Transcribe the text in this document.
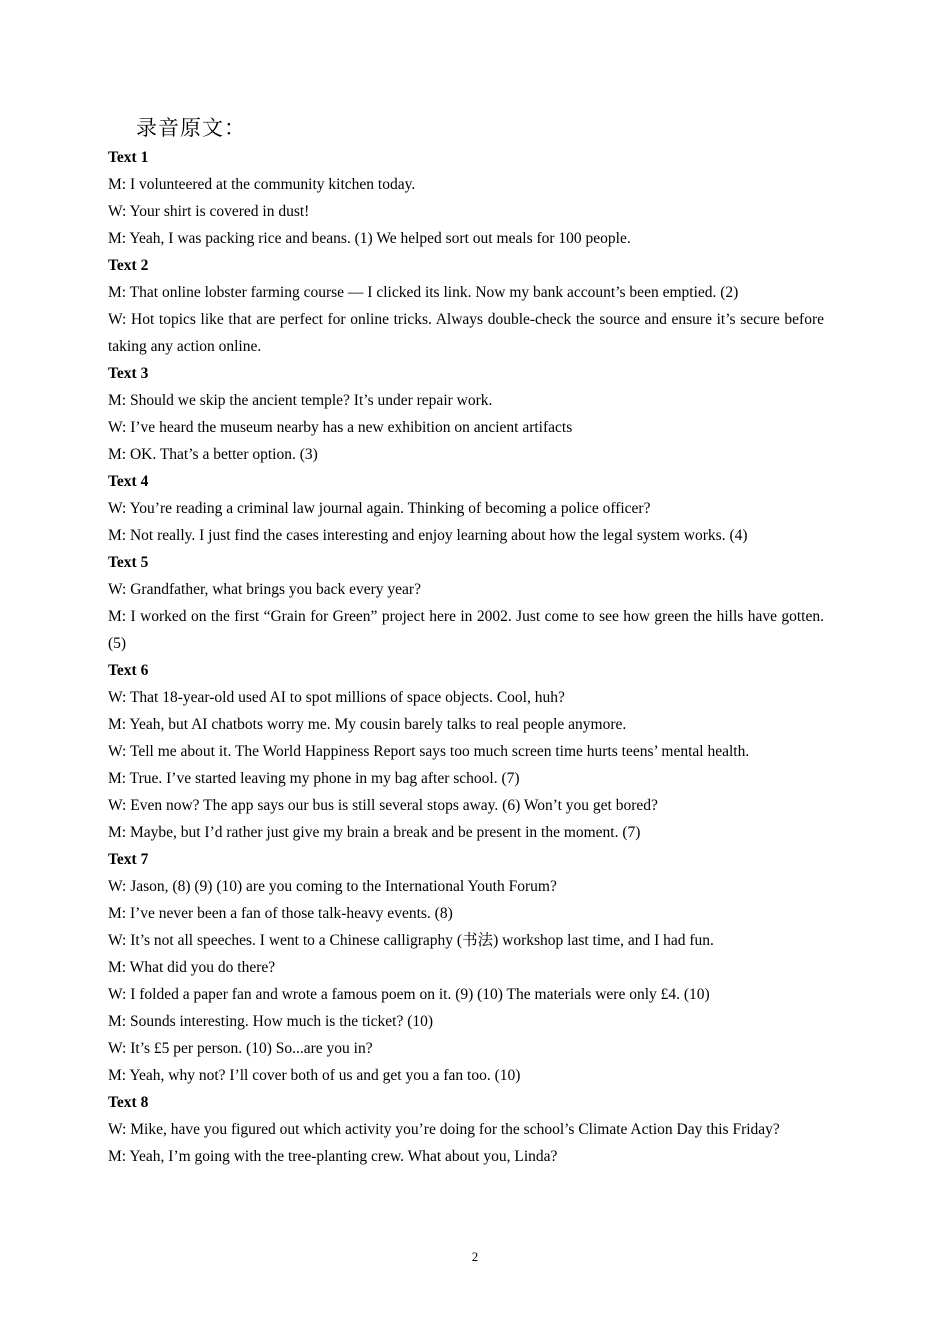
录音原文：
Text 1
M: I volunteered at the community kitchen today.
W: Your shirt is covered in dust!
M: Yeah, I was packing rice and beans. (1) We helped sort out meals for 100 people.
Text 2
M: That online lobster farming course — I clicked its link. Now my bank account’s been emptied. (2)
W: Hot topics like that are perfect for online tricks. Always double-check the source and ensure it’s secure before taking any action online.
Text 3
M: Should we skip the ancient temple? It’s under repair work.
W: I’ve heard the museum nearby has a new exhibition on ancient artifacts
M: OK. That’s a better option. (3)
Text 4
W: You’re reading a criminal law journal again. Thinking of becoming a police officer?
M: Not really. I just find the cases interesting and enjoy learning about how the legal system works. (4)
Text 5
W: Grandfather, what brings you back every year?
M: I worked on the first “Grain for Green” project here in 2002. Just come to see how green the hills have gotten. (5)
Text 6
W: That 18-year-old used AI to spot millions of space objects. Cool, huh?
M: Yeah, but AI chatbots worry me. My cousin barely talks to real people anymore.
W: Tell me about it. The World Happiness Report says too much screen time hurts teens’ mental health.
M: True. I’ve started leaving my phone in my bag after school. (7)
W: Even now? The app says our bus is still several stops away. (6) Won’t you get bored?
M: Maybe, but I’d rather just give my brain a break and be present in the moment. (7)
Text 7
W: Jason, (8) (9) (10) are you coming to the International Youth Forum?
M: I’ve never been a fan of those talk-heavy events. (8)
W: It’s not all speeches. I went to a Chinese calligraphy (书法) workshop last time, and I had fun.
M: What did you do there?
W: I folded a paper fan and wrote a famous poem on it. (9) (10) The materials were only £4. (10)
M: Sounds interesting. How much is the ticket? (10)
W: It’s £5 per person. (10) So...are you in?
M: Yeah, why not? I’ll cover both of us and get you a fan too. (10)
Text 8
W: Mike, have you figured out which activity you’re doing for the school’s Climate Action Day this Friday?
M: Yeah, I’m going with the tree-planting crew. What about you, Linda?
2
